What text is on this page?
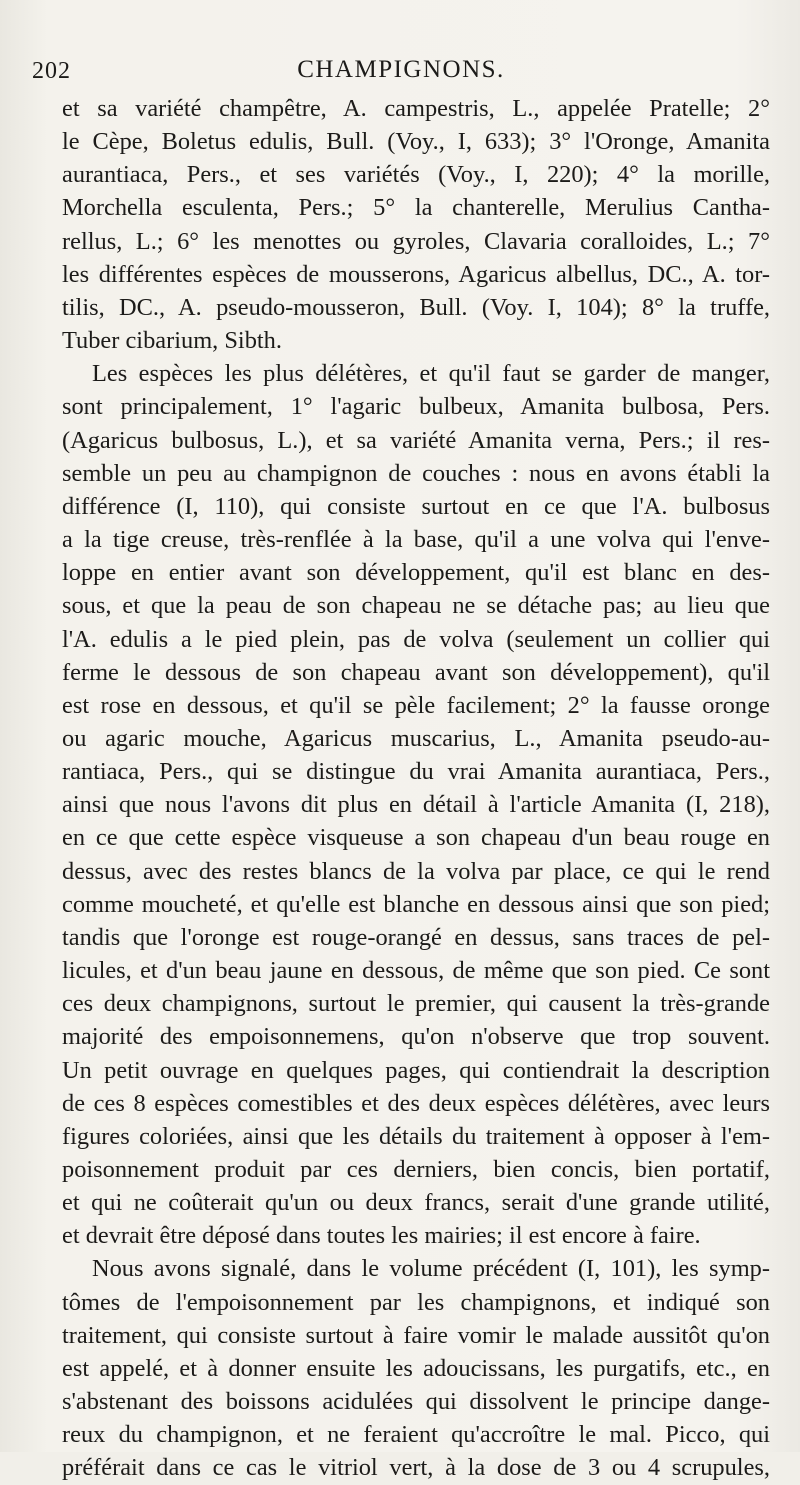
202	CHAMPIGNONS.
et sa variété champêtre, A. campestris, L., appelée Pratelle; 2°
le Cèpe, Boletus edulis, Bull. (Voy., I, 633); 3° l'Oronge, Amanita
aurantiaca, Pers., et ses variétés (Voy., I, 220); 4° la morille,
Morchella esculenta, Pers.; 5° la chanterelle, Merulius Cantha-
rellus, L.; 6° les menottes ou gyroles, Clavaria coralloides, L.; 7°
les différentes espèces de mousserons, Agaricus albellus, DC., A. tor-
tilis, DC., A. pseudo-mousseron, Bull. (Voy. I, 104); 8° la truffe,
Tuber cibarium, Sibth.
Les espèces les plus délétères, et qu'il faut se garder de manger,
sont principalement, 1° l'agaric bulbeux, Amanita bulbosa, Pers.
(Agaricus bulbosus, L.), et sa variété Amanita verna, Pers.; il res-
semble un peu au champignon de couches : nous en avons établi la
différence (I, 110), qui consiste surtout en ce que l'A. bulbosus
a la tige creuse, très-renflée à la base, qu'il a une volva qui l'enve-
loppe en entier avant son développement, qu'il est blanc en des-
sous, et que la peau de son chapeau ne se détache pas; au lieu que
l'A. edulis a le pied plein, pas de volva (seulement un collier qui
ferme le dessous de son chapeau avant son développement), qu'il
est rose en dessous, et qu'il se pèle facilement; 2° la fausse oronge
ou agaric mouche, Agaricus muscarius, L., Amanita pseudo-au-
rantiaca, Pers., qui se distingue du vrai Amanita aurantiaca, Pers.,
ainsi que nous l'avons dit plus en détail à l'article Amanita (I, 218),
en ce que cette espèce visqueuse a son chapeau d'un beau rouge en
dessus, avec des restes blancs de la volva par place, ce qui le rend
comme moucheté, et qu'elle est blanche en dessous ainsi que son pied;
tandis que l'oronge est rouge-orangé en dessus, sans traces de pel-
licules, et d'un beau jaune en dessous, de même que son pied. Ce sont
ces deux champignons, surtout le premier, qui causent la très-grande
majorité des empoisonnemens, qu'on n'observe que trop souvent.
Un petit ouvrage en quelques pages, qui contiendrait la description
de ces 8 espèces comestibles et des deux espèces délétères, avec leurs
figures coloriées, ainsi que les détails du traitement à opposer à l'em-
poisonnement produit par ces derniers, bien concis, bien portatif,
et qui ne coûterait qu'un ou deux francs, serait d'une grande utilité,
et devrait être déposé dans toutes les mairies; il est encore à faire.
Nous avons signalé, dans le volume précédent (I, 101), les symp-
tômes de l'empoisonnement par les champignons, et indiqué son
traitement, qui consiste surtout à faire vomir le malade aussitôt qu'on
est appelé, et à donner ensuite les adoucissans, les purgatifs, etc., en
s'abstenant des boissons acidulées qui dissolvent le principe dange-
reux du champignon, et ne feraient qu'accroître le mal. Picco, qui
préférait dans ce cas le vitriol vert, à la dose de 3 ou 4 scrupules,
